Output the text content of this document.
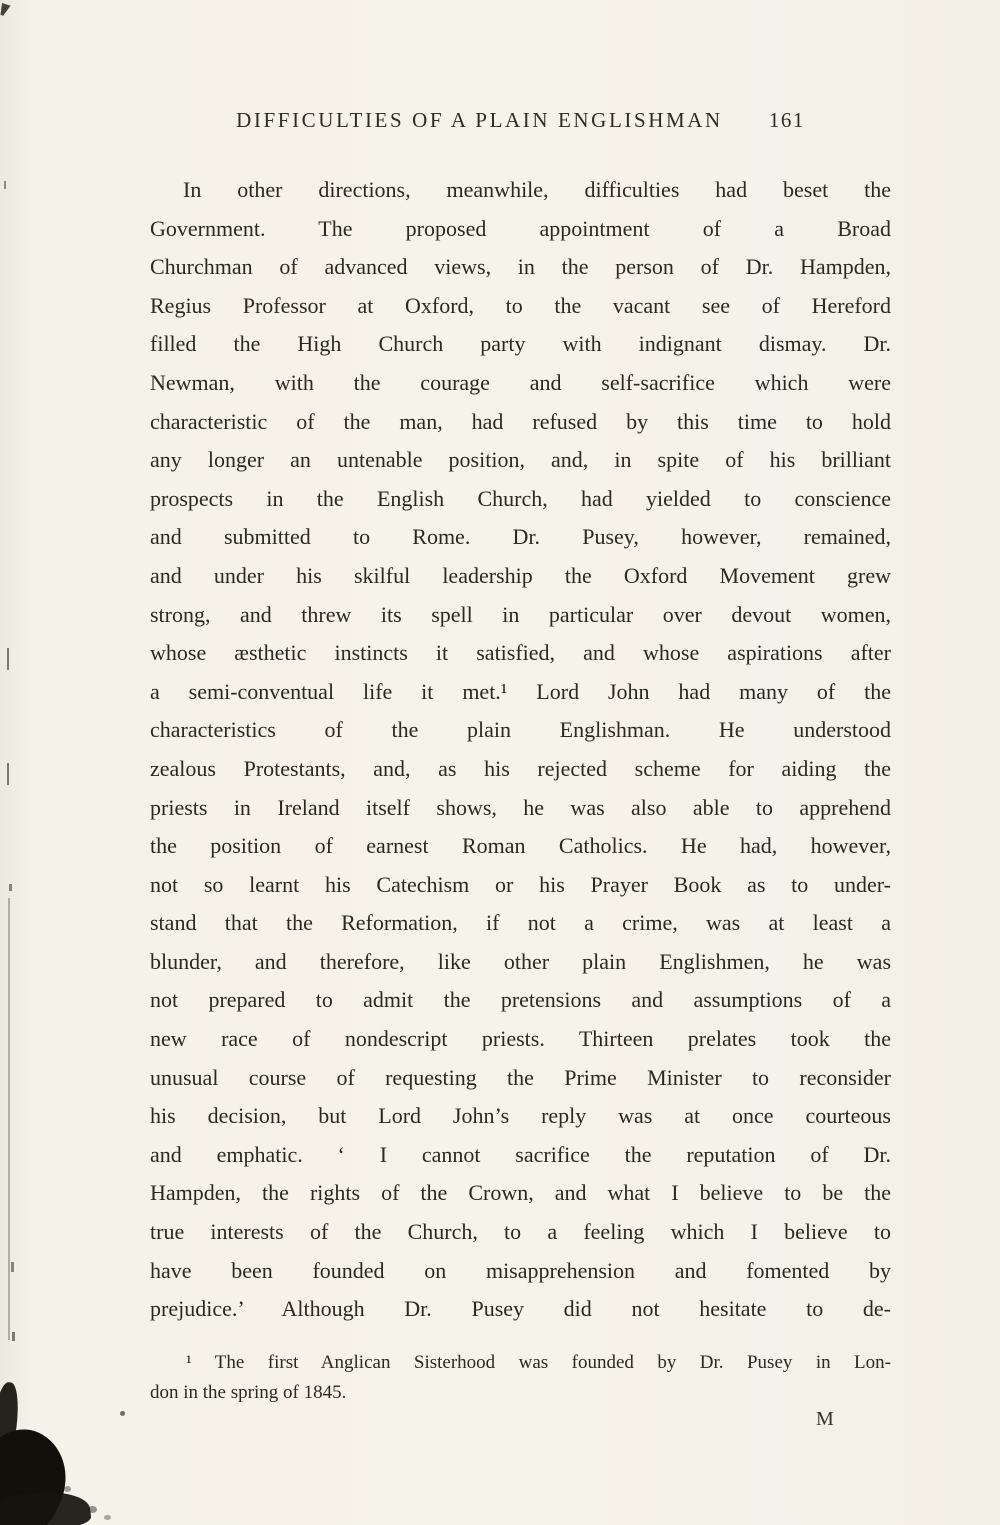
DIFFICULTIES OF A PLAIN ENGLISHMAN 161
In other directions, meanwhile, difficulties had beset the
Government. The proposed appointment of a Broad
Churchman of advanced views, in the person of Dr. Hampden,
Regius Professor at Oxford, to the vacant see of Hereford
filled the High Church party with indignant dismay. Dr.
Newman, with the courage and self-sacrifice which were
characteristic of the man, had refused by this time to hold
any longer an untenable position, and, in spite of his brilliant
prospects in the English Church, had yielded to conscience
and submitted to Rome. Dr. Pusey, however, remained,
and under his skilful leadership the Oxford Movement grew
strong, and threw its spell in particular over devout women,
whose æsthetic instincts it satisfied, and whose aspirations after
a semi-conventual life it met.¹ Lord John had many of the
characteristics of the plain Englishman. He understood
zealous Protestants, and, as his rejected scheme for aiding the
priests in Ireland itself shows, he was also able to apprehend
the position of earnest Roman Catholics. He had, however,
not so learnt his Catechism or his Prayer Book as to under-
stand that the Reformation, if not a crime, was at least a
blunder, and therefore, like other plain Englishmen, he was
not prepared to admit the pretensions and assumptions of a
new race of nondescript priests. Thirteen prelates took the
unusual course of requesting the Prime Minister to reconsider
his decision, but Lord John’s reply was at once courteous
and emphatic. ‘ I cannot sacrifice the reputation of Dr.
Hampden, the rights of the Crown, and what I believe to be the
true interests of the Church, to a feeling which I believe to
have been founded on misapprehension and fomented by
prejudice.’ Although Dr. Pusey did not hesitate to de-
¹ The first Anglican Sisterhood was founded by Dr. Pusey in Lon-
don in the spring of 1845.
M
